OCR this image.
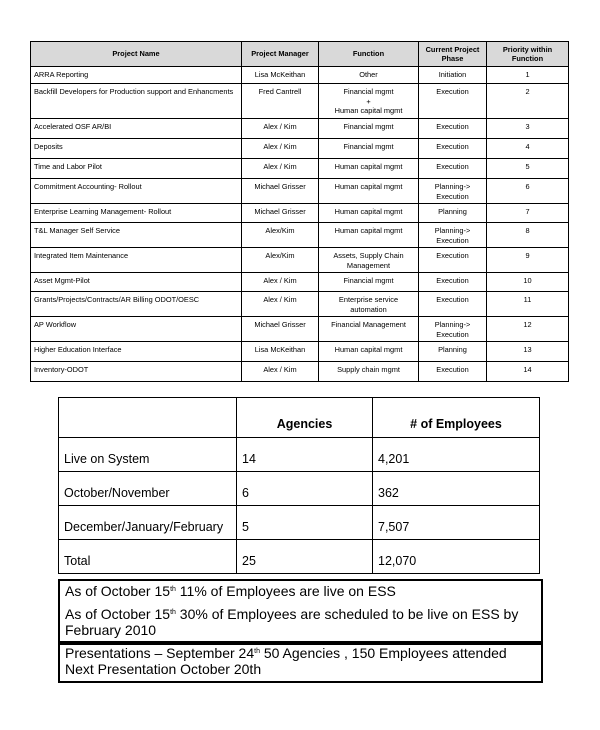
Project Name	Project Manager	Function	Current Project Phase	Priority within Function
ARRA Reporting	Lisa McKeithan	Other	Initiation	1
Backfill Developers for Production support and Enhancments	Fred Cantrell	Financial mgmt
+
Human capital mgmt	Execution	2
Accelerated OSF AR/BI	Alex / Kim	Financial mgmt	Execution	3
Deposits	Alex / Kim	Financial mgmt	Execution	4
Time and Labor Pilot	Alex / Kim	Human capital mgmt	Execution	5
Commitment Accounting- Rollout	Michael Grisser	Human capital mgmt	Planning->
Execution	6
Enterprise Learning Management- Rollout	Michael Grisser	Human capital mgmt	Planning	7
T&L Manager Self Service	Alex/Kim	Human capital mgmt	Planning->
Execution	8
Integrated Item Maintenance	Alex/Kim	Assets, Supply Chain
Management	Execution	9
Asset Mgmt-Pilot	Alex / Kim	Financial mgmt	Execution	10
Grants/Projects/Contracts/AR Billing ODOT/OESC	Alex / Kim	Enterprise service
automation	Execution	11
AP Workflow	Michael Grisser	Financial Management	Planning->
Execution	12
Higher Education Interface	Lisa McKeithan	Human capital mgmt	Planning	13
Inventory-ODOT	Alex / Kim	Supply chain mgmt	Execution	14
	Agencies	# of Employees
Live on System	14	4,201
October/November	6	362
December/January/February	5	7,507
Total	25	12,070

As of October 15th 11% of Employees are live on ESS

As of October 15th 30% of Employees are scheduled to be live on ESS by February 2010

Presentations – September 24th 50 Agencies , 150 Employees attended

Next Presentation October 20th
